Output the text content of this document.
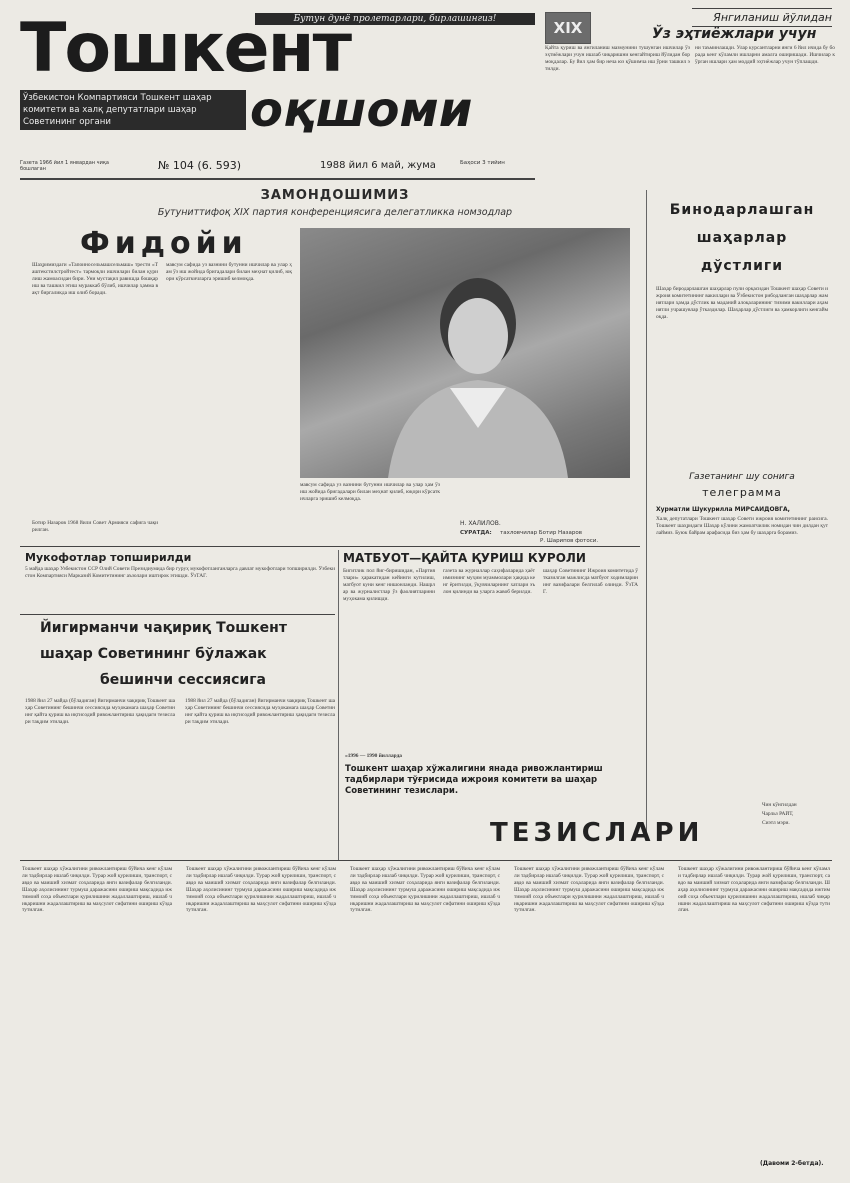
Бутун дунё пролетарлари, бирлашингиз!
Тошкент
оқшоми
Ўзбекистон Компартияси Тошкент шаҳар комитети ва халқ депутатлари шаҳар Советининг органи
Газета 1966 йил 1 январдан чиқа бошлаган	№ 104 (6. 593)	1988 йил 6 май, жума	Баҳоси 3 тийин
XIX
Янгиланиш йўлидан
Ўз эҳтиёжлари учун
Қайта қуриш ва янгиланиш мазмунини тушунган ишчилар ўз эҳтиёжлари учун ишлаб чиқаришни кенгайтириш йўлидан бормоқдалар. Бу йил ҳам бир неча юз қўшимча иш ўрни ташкил этилди.
ни таъминлашди. Улар курсантларни янги 6 йил ичида бу борада кенг кўламли ишларни амалга оширишади. Ишчилар кўрган ишлари ҳам моддий эҳтиёжлар учун тўплашди.
ЗАМОНДОШИМИЗ
Бутуниттифоқ XIX партия конференциясига делегатликка номзодлар
Фидойи
Шаҳримиздаги «Тапоиносельмашсельмаш» трести «Таштекстилстройтест» тармоқли ишчилари билан қурилиш жамоасидан бири. Уни мустақил равишда бошқариш ва ташкил этиш мураккаб бўлиб, ишчилар ҳамма вақт биргаликда иш олиб боради.
мавсум сафида уз вазнини бутунни ишчилар ва улар ҳам ўз иш жойида бригадалари билан меҳнат қилиб, юқори кўрсаткичларга эришиб келмоқда.
Ботир Назаров 1968 йили Совет Армияси сафига чақирилган.
мавсум сафида уз вазнини бутунни ишчилар ва улар ҳам ўз иш жойида бригадалари билан меҳнат қилиб, юқори кўрсаткичларга эришиб келмоқда.
Н. ХАЛИЛОВ.
СУРАТДА: тахловчилар Ботир Назаров
Р. Шарипов фотоси.
Бинодарлашган
шаҳарлар
дўстлиги
Шаҳар биродарлашган шаҳарлар пули орқасидан Тошкент шаҳар Совети ижроия комитетининг вакиллари ва Ўзбекистон рибодланган шаҳарлар жамиятлари ҳамда дўстлик ва маданий алоқаларининг тизими вакиллари аҳамиятли учрашувлар ўтказдилар. Шаҳарлар дўстлиги ва ҳамкорлиги кенгаймоқда.
Газетанинг шу сонига
телеграмма
Хурматли Шукурилла МИРСАИДОВГА,
Халқ депутатлари Тошкент шаҳар Совети ижроия комитетининг раисига. Тошкент шаҳридаги Шаҳар кўлини жамоатчилик номидан чин дилдан қутлаймиз. Буюк байрам арафасида биз ҳам бу шаҳарга борамиз.
Чин кўнгилдан
Чарльз РАЙТ,
Сиэтл мэри.
Мукофотлар топширилди
5 майда шаҳар Узбекистон ССР Олий Совети Президиумида бир гуруҳ мукофотланганларга давлат мукофотлари топширилди. Ўзбекистон Компартияси Марказий Комитетининг аъзолари иштирок этишди. ЎзТАГ.
МАТБУОТ—ҚАЙТА ҚУРИШ КУРОЛИ
Бигитлик пол йиг-биришидан, «Партиятлари» ҳаракатидан кейинги кутилиш, матбуот куни кенг нишонланди. Нашрлар ва журналистлар ўз фаолиятларини муҳокама қилишди.
газета ва журналлар саҳифаларида ҳаётимизнинг муҳим муаммолари ҳақида кенг ёритилди, ўқувчиларнинг хатлари эълон қилинди ва уларга жавоб берилди.
шаҳар Советининг Ижроия комитетида ўтказилган мажлисда матбуот ходимларининг вазифалари белгилаб олинди. ЎзТАГ.
Йигирманчи чақириқ Тошкент
шаҳар Советининг бўлажак
бешинчи сессиясига
1988 йил 27 майда (бўладиган) йигирманчи чақириқ Тошкент шаҳар Советининг бешинчи сессиясида муҳокамага шаҳар Советининг қайта қуриш ва иқтисодий ривожлантириш ҳақидаги тезислари тақдим этилади.
1988 йил 27 майда (бўладиган) йигирманчи чақириқ Тошкент шаҳар Советининг бешинчи сессиясида муҳокамага шаҳар Советининг қайта қуриш ва иқтисодий ривожлантириш ҳақидаги тезислари тақдим этилади.
«1996 — 1990 йилларда
Тошкент шаҳар хўжалигини янада ривожлантириш тадбирлари тўғрисида ижроия комитети ва шаҳар Советининг тезислари.
ТЕЗИСЛАРИ
Тошкент шаҳар хўжалигини ривожлантириш бўйича кенг кўламли тадбирлар ишлаб чиқилди. Турар жой қурилиши, транспорт, савдо ва маиший хизмат соҳаларида янги вазифалар белгиланди. Шаҳар аҳолисининг турмуш даражасини ошириш мақсадида ижтимоий соҳа объектлари қурилишини жадаллаштириш, ишлаб чиқаришни жадаллаштириш ва маҳсулот сифатини ошириш кўзда тутилган.
Тошкент шаҳар хўжалигини ривожлантириш бўйича кенг кўламли тадбирлар ишлаб чиқилди. Турар жой қурилиши, транспорт, савдо ва маиший хизмат соҳаларида янги вазифалар белгиланди. Шаҳар аҳолисининг турмуш даражасини ошириш мақсадида ижтимоий соҳа объектлари қурилишини жадаллаштириш, ишлаб чиқаришни жадаллаштириш ва маҳсулот сифатини ошириш кўзда тутилган.
Тошкент шаҳар хўжалигини ривожлантириш бўйича кенг кўламли тадбирлар ишлаб чиқилди. Турар жой қурилиши, транспорт, савдо ва маиший хизмат соҳаларида янги вазифалар белгиланди. Шаҳар аҳолисининг турмуш даражасини ошириш мақсадида ижтимоий соҳа объектлари қурилишини жадаллаштириш, ишлаб чиқаришни жадаллаштириш ва маҳсулот сифатини ошириш кўзда тутилган.
Тошкент шаҳар хўжалигини ривожлантириш бўйича кенг кўламли тадбирлар ишлаб чиқилди. Турар жой қурилиши, транспорт, савдо ва маиший хизмат соҳаларида янги вазифалар белгиланди. Шаҳар аҳолисининг турмуш даражасини ошириш мақсадида ижтимоий соҳа объектлари қурилишини жадаллаштириш, ишлаб чиқаришни жадаллаштириш ва маҳсулот сифатини ошириш кўзда тутилган.
Тошкент шаҳар хўжалигини ривожлантириш бўйича кенг кўламли тадбирлар ишлаб чиқилди. Турар жой қурилиши, транспорт, савдо ва маиший хизмат соҳаларида янги вазифалар белгиланди. Шаҳар аҳолисининг турмуш даражасини ошириш мақсадида ижтимоий соҳа объектлари қурилишини жадаллаштириш, ишлаб чиқаришни жадаллаштириш ва маҳсулот сифатини ошириш кўзда тутилган.
(Давоми 2-бетда).
